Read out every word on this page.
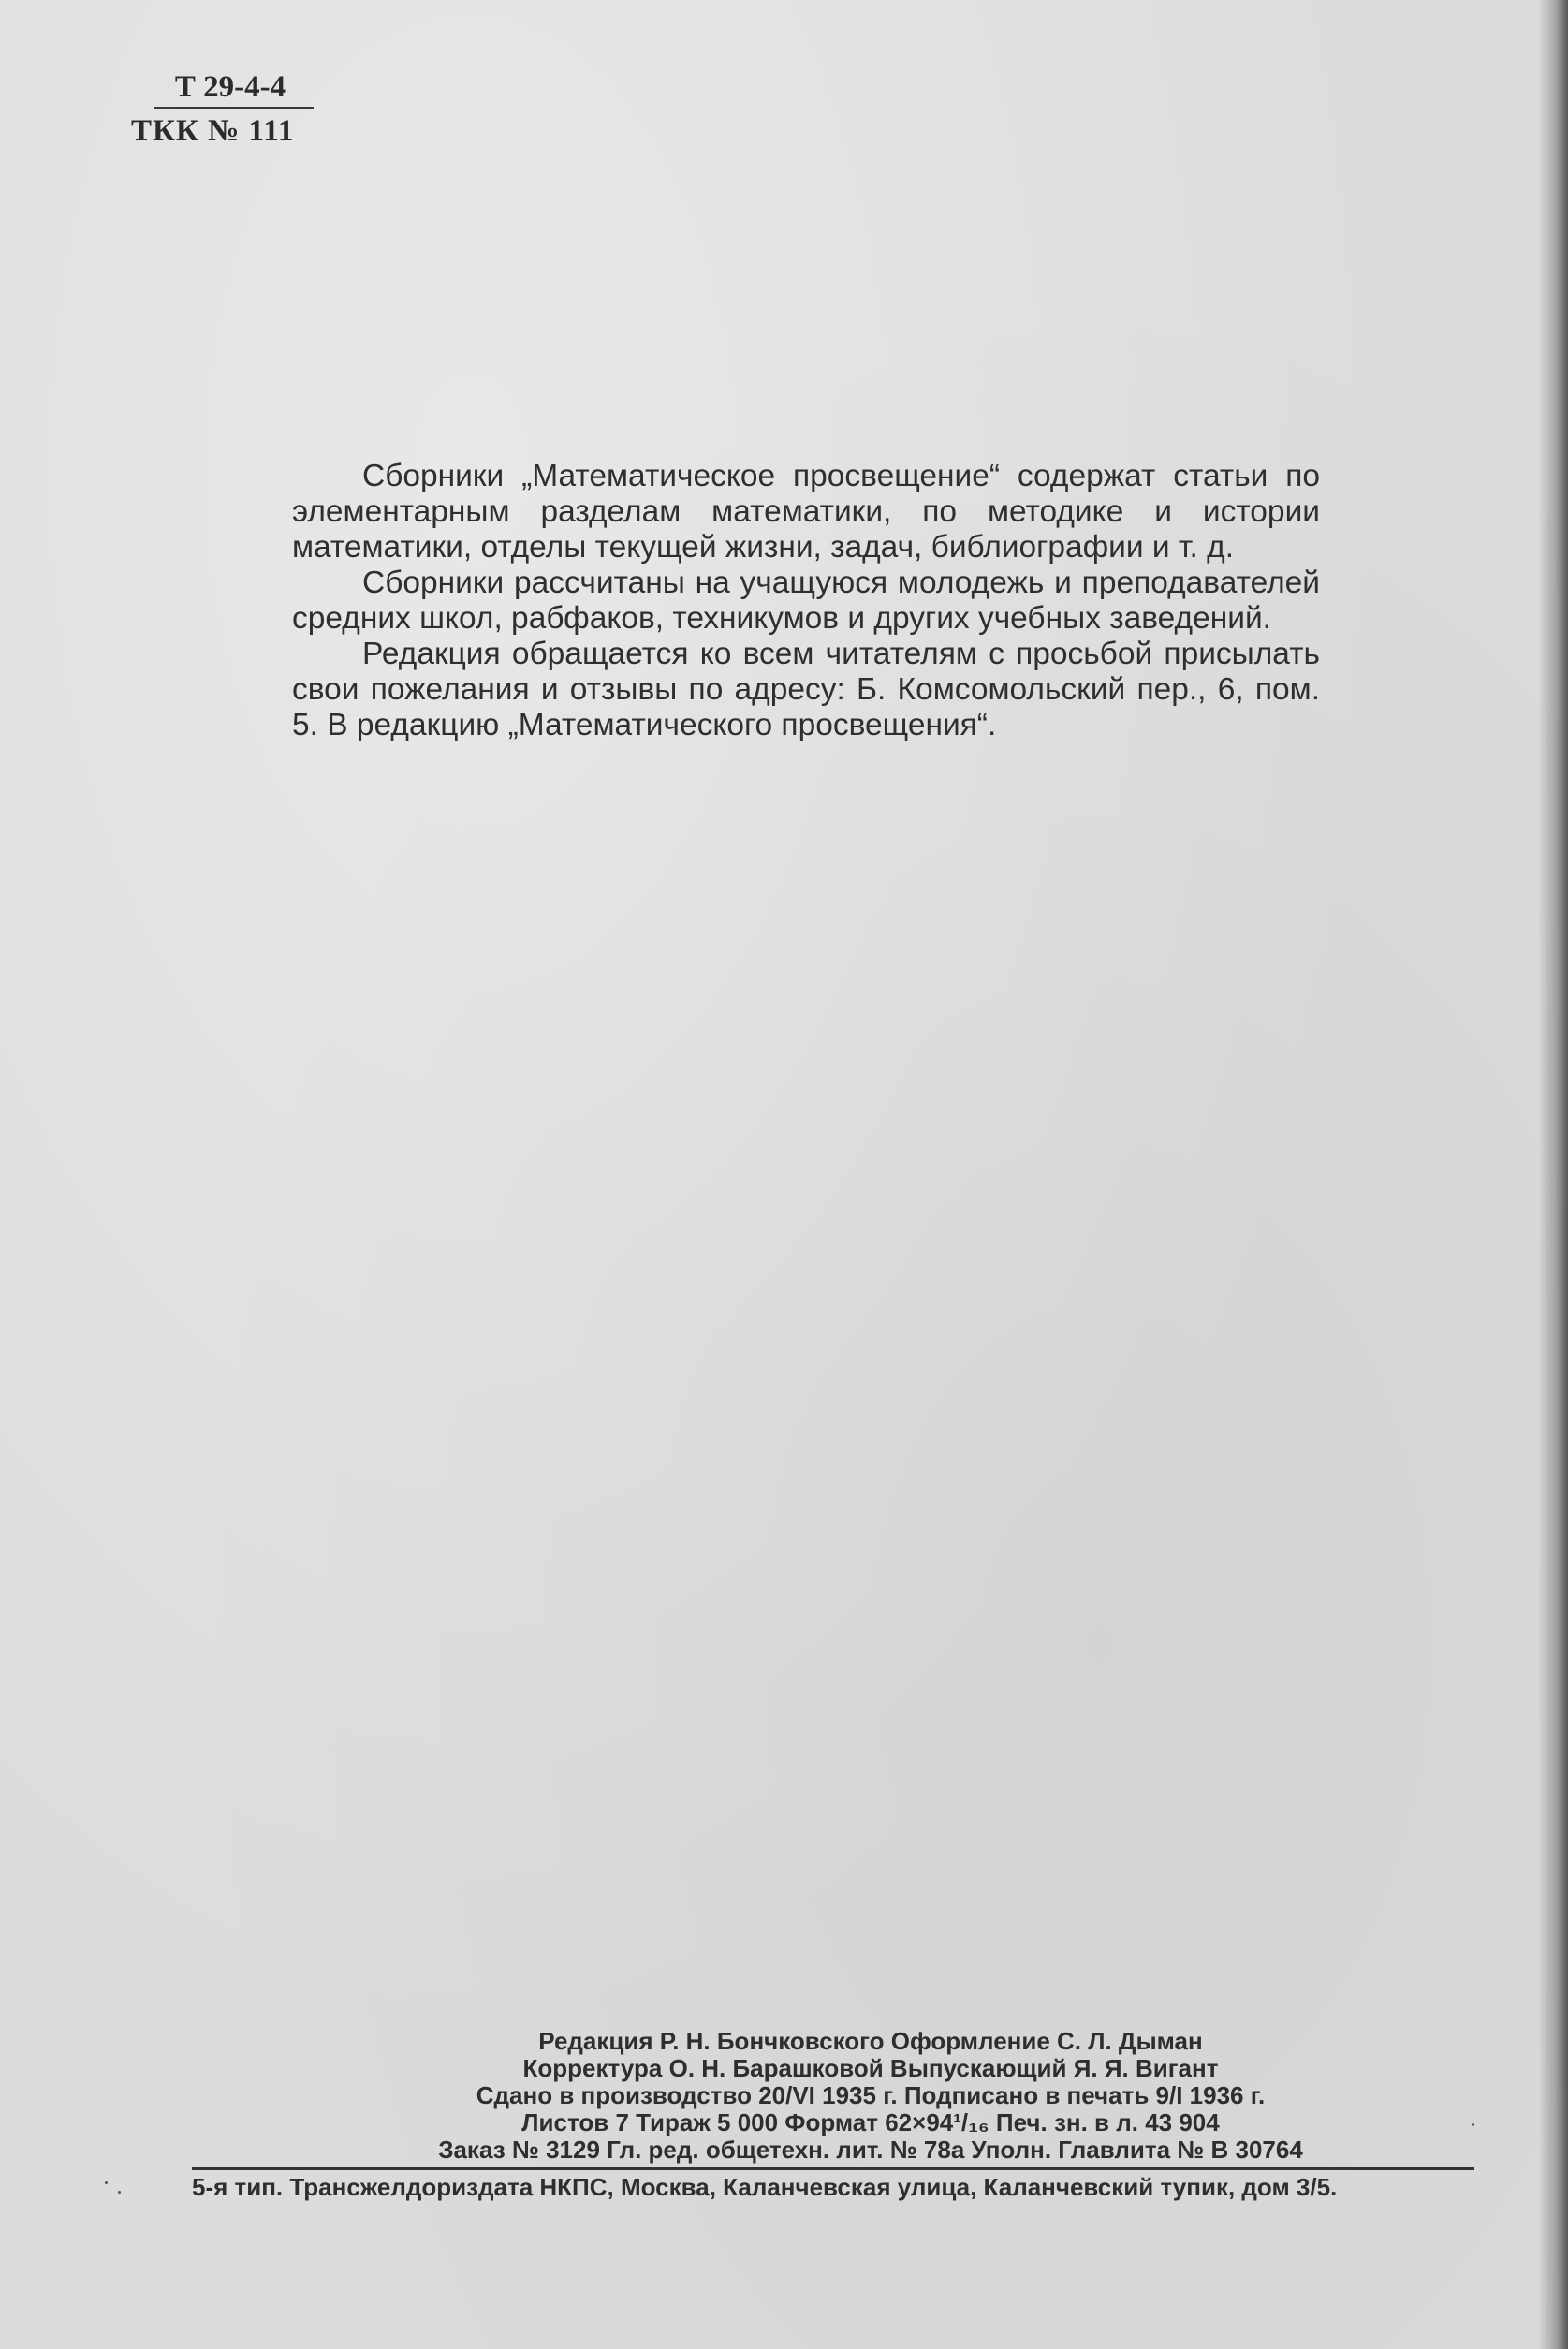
Т 29-4-4
ТКК № 111

Сборники „Математическое просвещение“ содержат статьи по элементарным разделам математики, по методике и истории математики, отделы текущей жизни, задач, библиографии и т. д.

Сборники рассчитаны на учащуюся молодежь и преподавателей средних школ, рабфаков, техникумов и других учебных заведений.

Редакция обращается ко всем читателям с просьбой присылать свои пожелания и отзывы по адресу: Б. Комсомольский пер., 6, пом. 5. В редакцию „Математического просвещения“.

Редакция Р. Н. Бончковского Оформление С. Л. Дыман
Корректура О. Н. Барашковой Выпускающий Я. Я. Вигант
Сдано в производство 20/VI 1935 г. Подписано в печать 9/I 1936 г.
Листов 7 Тираж 5 000 Формат 62×94¹/₁₆ Печ. зн. в л. 43 904
Заказ № 3129 Гл. ред. общетехн. лит. № 78а Уполн. Главлита № В 30764
5-я тип. Трансжелдориздата НКПС, Москва, Каланчевская улица, Каланчевский тупик, дом 3/5.
